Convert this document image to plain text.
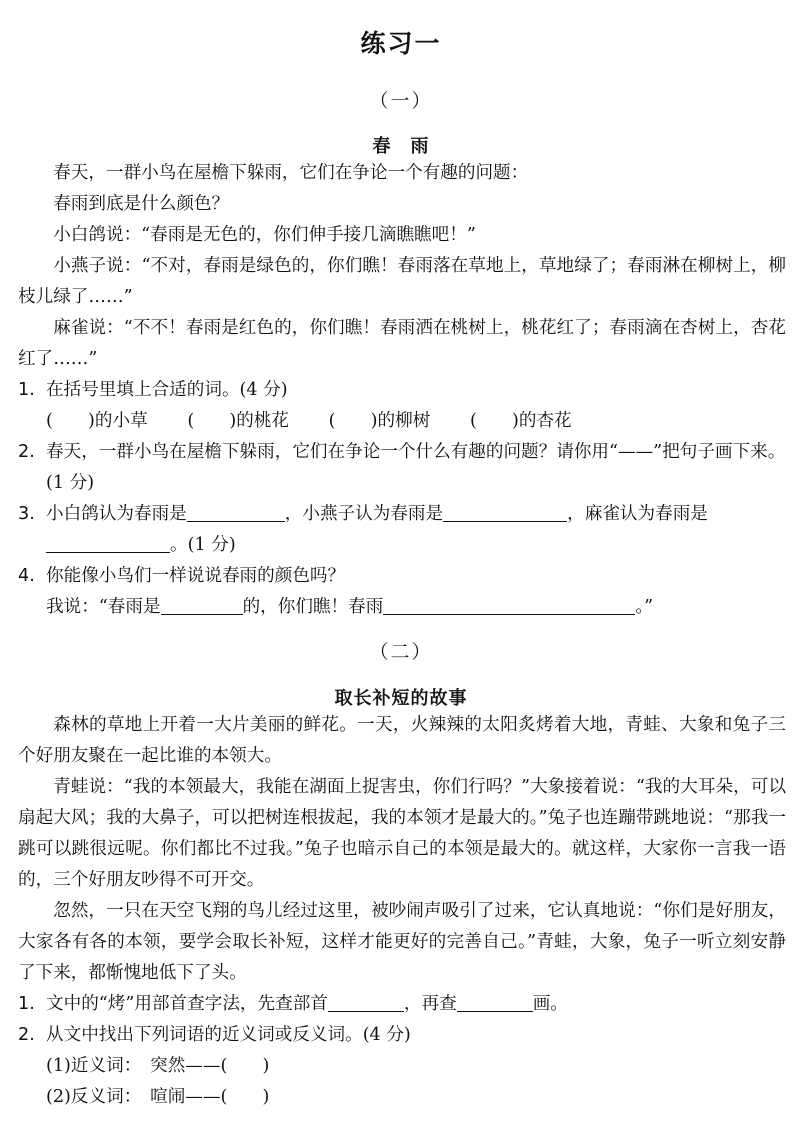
练习一
（一）
春　雨
春天，一群小鸟在屋檐下躲雨，它们在争论一个有趣的问题：
春雨到底是什么颜色？
小白鸽说：“春雨是无色的，你们伸手接几滴瞧瞧吧！”
小燕子说：“不对，春雨是绿色的，你们瞧！春雨落在草地上，草地绿了；春雨淋在柳树上，柳枝儿绿了……”
麻雀说：“不不！春雨是红色的，你们瞧！春雨洒在桃树上，桃花红了；春雨滴在杏树上，杏花红了……”
1. 在括号里填上合适的词。(4 分)
(　　)的小草 (　　)的桃花 (　　)的柳树 (　　)的杏花
2. 春天，一群小鸟在屋檐下躲雨，它们在争论一个什么有趣的问题？请你用“——”把句子画下来。(1 分)
3. 小白鸽认为春雨是	，小燕子认为春雨是	，麻雀认为春雨是
。(1 分)
4. 你能像小鸟们一样说说春雨的颜色吗？
我说：“春雨是	的，你们瞧！春雨	。”
（二）
取长补短的故事
森林的草地上开着一大片美丽的鲜花。一天，火辣辣的太阳炙烤着大地，青蛙、大象和兔子三个好朋友聚在一起比谁的本领大。
青蛙说：“我的本领最大，我能在湖面上捉害虫，你们行吗？”大象接着说：“我的大耳朵，可以扇起大风；我的大鼻子，可以把树连根拔起，我的本领才是最大的。”兔子也连蹦带跳地说：“那我一跳可以跳很远呢。你们都比不过我。”兔子也暗示自己的本领是最大的。就这样，大家你一言我一语的，三个好朋友吵得不可开交。
忽然，一只在天空飞翔的鸟儿经过这里，被吵闹声吸引了过来，它认真地说：“你们是好朋友，大家各有各的本领，要学会取长补短，这样才能更好的完善自己。”青蛙，大象，兔子一听立刻安静了下来，都惭愧地低下了头。
1. 文中的“烤”用部首查字法，先查部首	，再查	画。
2. 从文中找出下列词语的近义词或反义词。(4 分)
(1)近义词：  突然——(　　)
(2)反义词：  喧闹——(　　)
